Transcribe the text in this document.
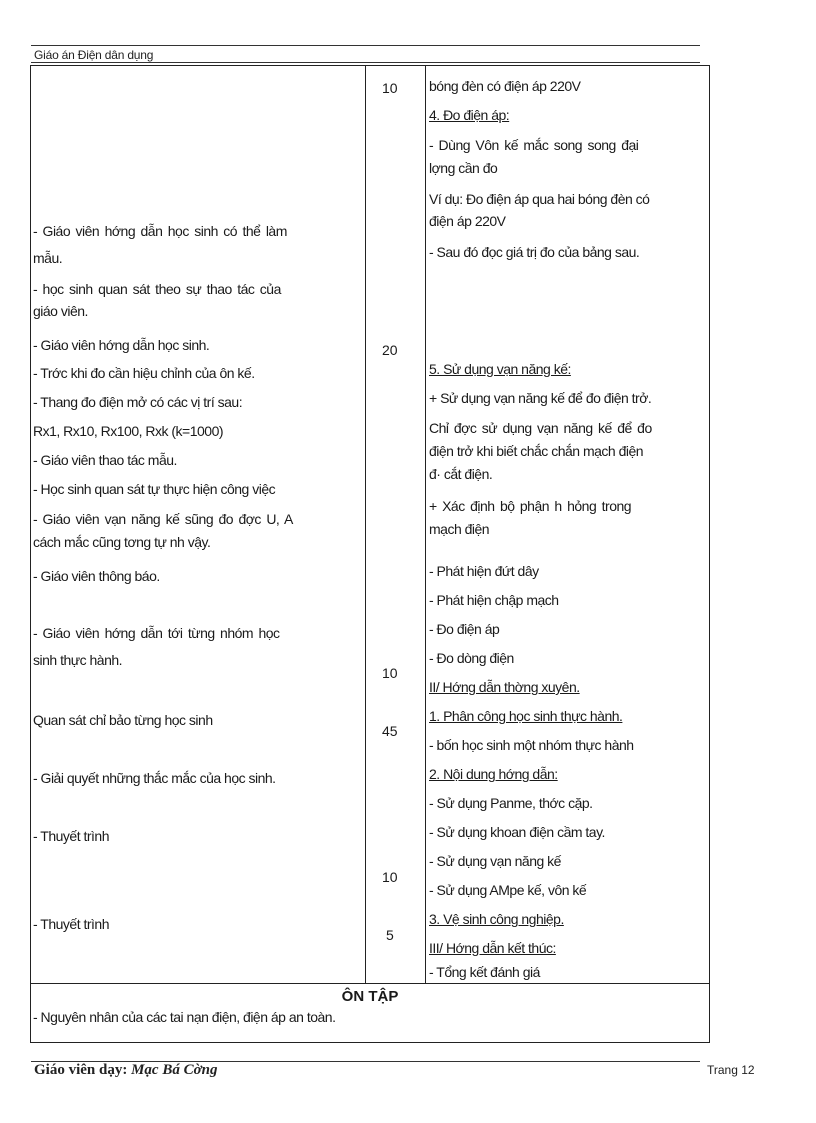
Giáo án Điện dân dụng
- Giáo viên hớng dẫn học sinh có thể làm
mẫu.
- học sinh quan sát theo sự thao tác của
giáo viên.
- Giáo viên hớng dẫn học sinh.
- Trớc khi đo cần hiệu chỉnh của ôn kế.
- Thang đo điện mở có các vị trí sau:
Rx1, Rx10, Rx100, Rxk (k=1000)
- Giáo viên thao tác mẫu.
- Học sinh quan sát tự thực hiện công việc
- Giáo viên vạn năng kế sũng đo đợc U, A
cách mắc cũng tơng tự nh vậy.
- Giáo viên thông báo.
- Giáo viên hớng dẫn tới từng nhóm học
sinh thực hành.
Quan sát chỉ bảo từng học sinh
- Giải quyết những thắc mắc của học sinh.
- Thuyết trình
- Thuyết trình
10
20
10
45
10
5
bóng đèn có điện áp 220V
4. Đo điện áp:
- Dùng Vôn kế mắc song song đại
lợng cần đo
Ví dụ: Đo điện áp qua hai bóng đèn có
điện áp 220V
- Sau đó đọc giá trị đo của bảng sau.
5. Sử dụng vạn năng kế:
+ Sử dụng vạn năng kế để đo điện trở.
Chỉ đợc sử dụng vạn năng kế để đo
điện trở khi biết chắc chắn mạch điện
đ· cắt điện.
+ Xác định bộ phận h hỏng trong
mạch điện
- Phát hiện đứt dây
- Phát hiện chập mạch
- Đo điện áp
- Đo dòng điện
II/ Hớng dẫn thờng xuyên.
1. Phân công học sinh thực hành.
- bốn học sinh một nhóm thực hành
2. Nội dung hớng dẫn:
- Sử dụng Panme, thớc cặp.
- Sử dụng khoan điện cầm tay.
- Sử dụng vạn năng kế
- Sử dụng AMpe kế, vôn kế
3. Vệ sinh công nghiệp.
III/ Hớng dẫn kết thúc:
- Tổng kết đánh giá
ÔN TẬP
- Nguyên nhân của các tai nạn điện, điện áp an toàn.
Giáo viên dạy: Mạc Bá Cờng	Trang 12
